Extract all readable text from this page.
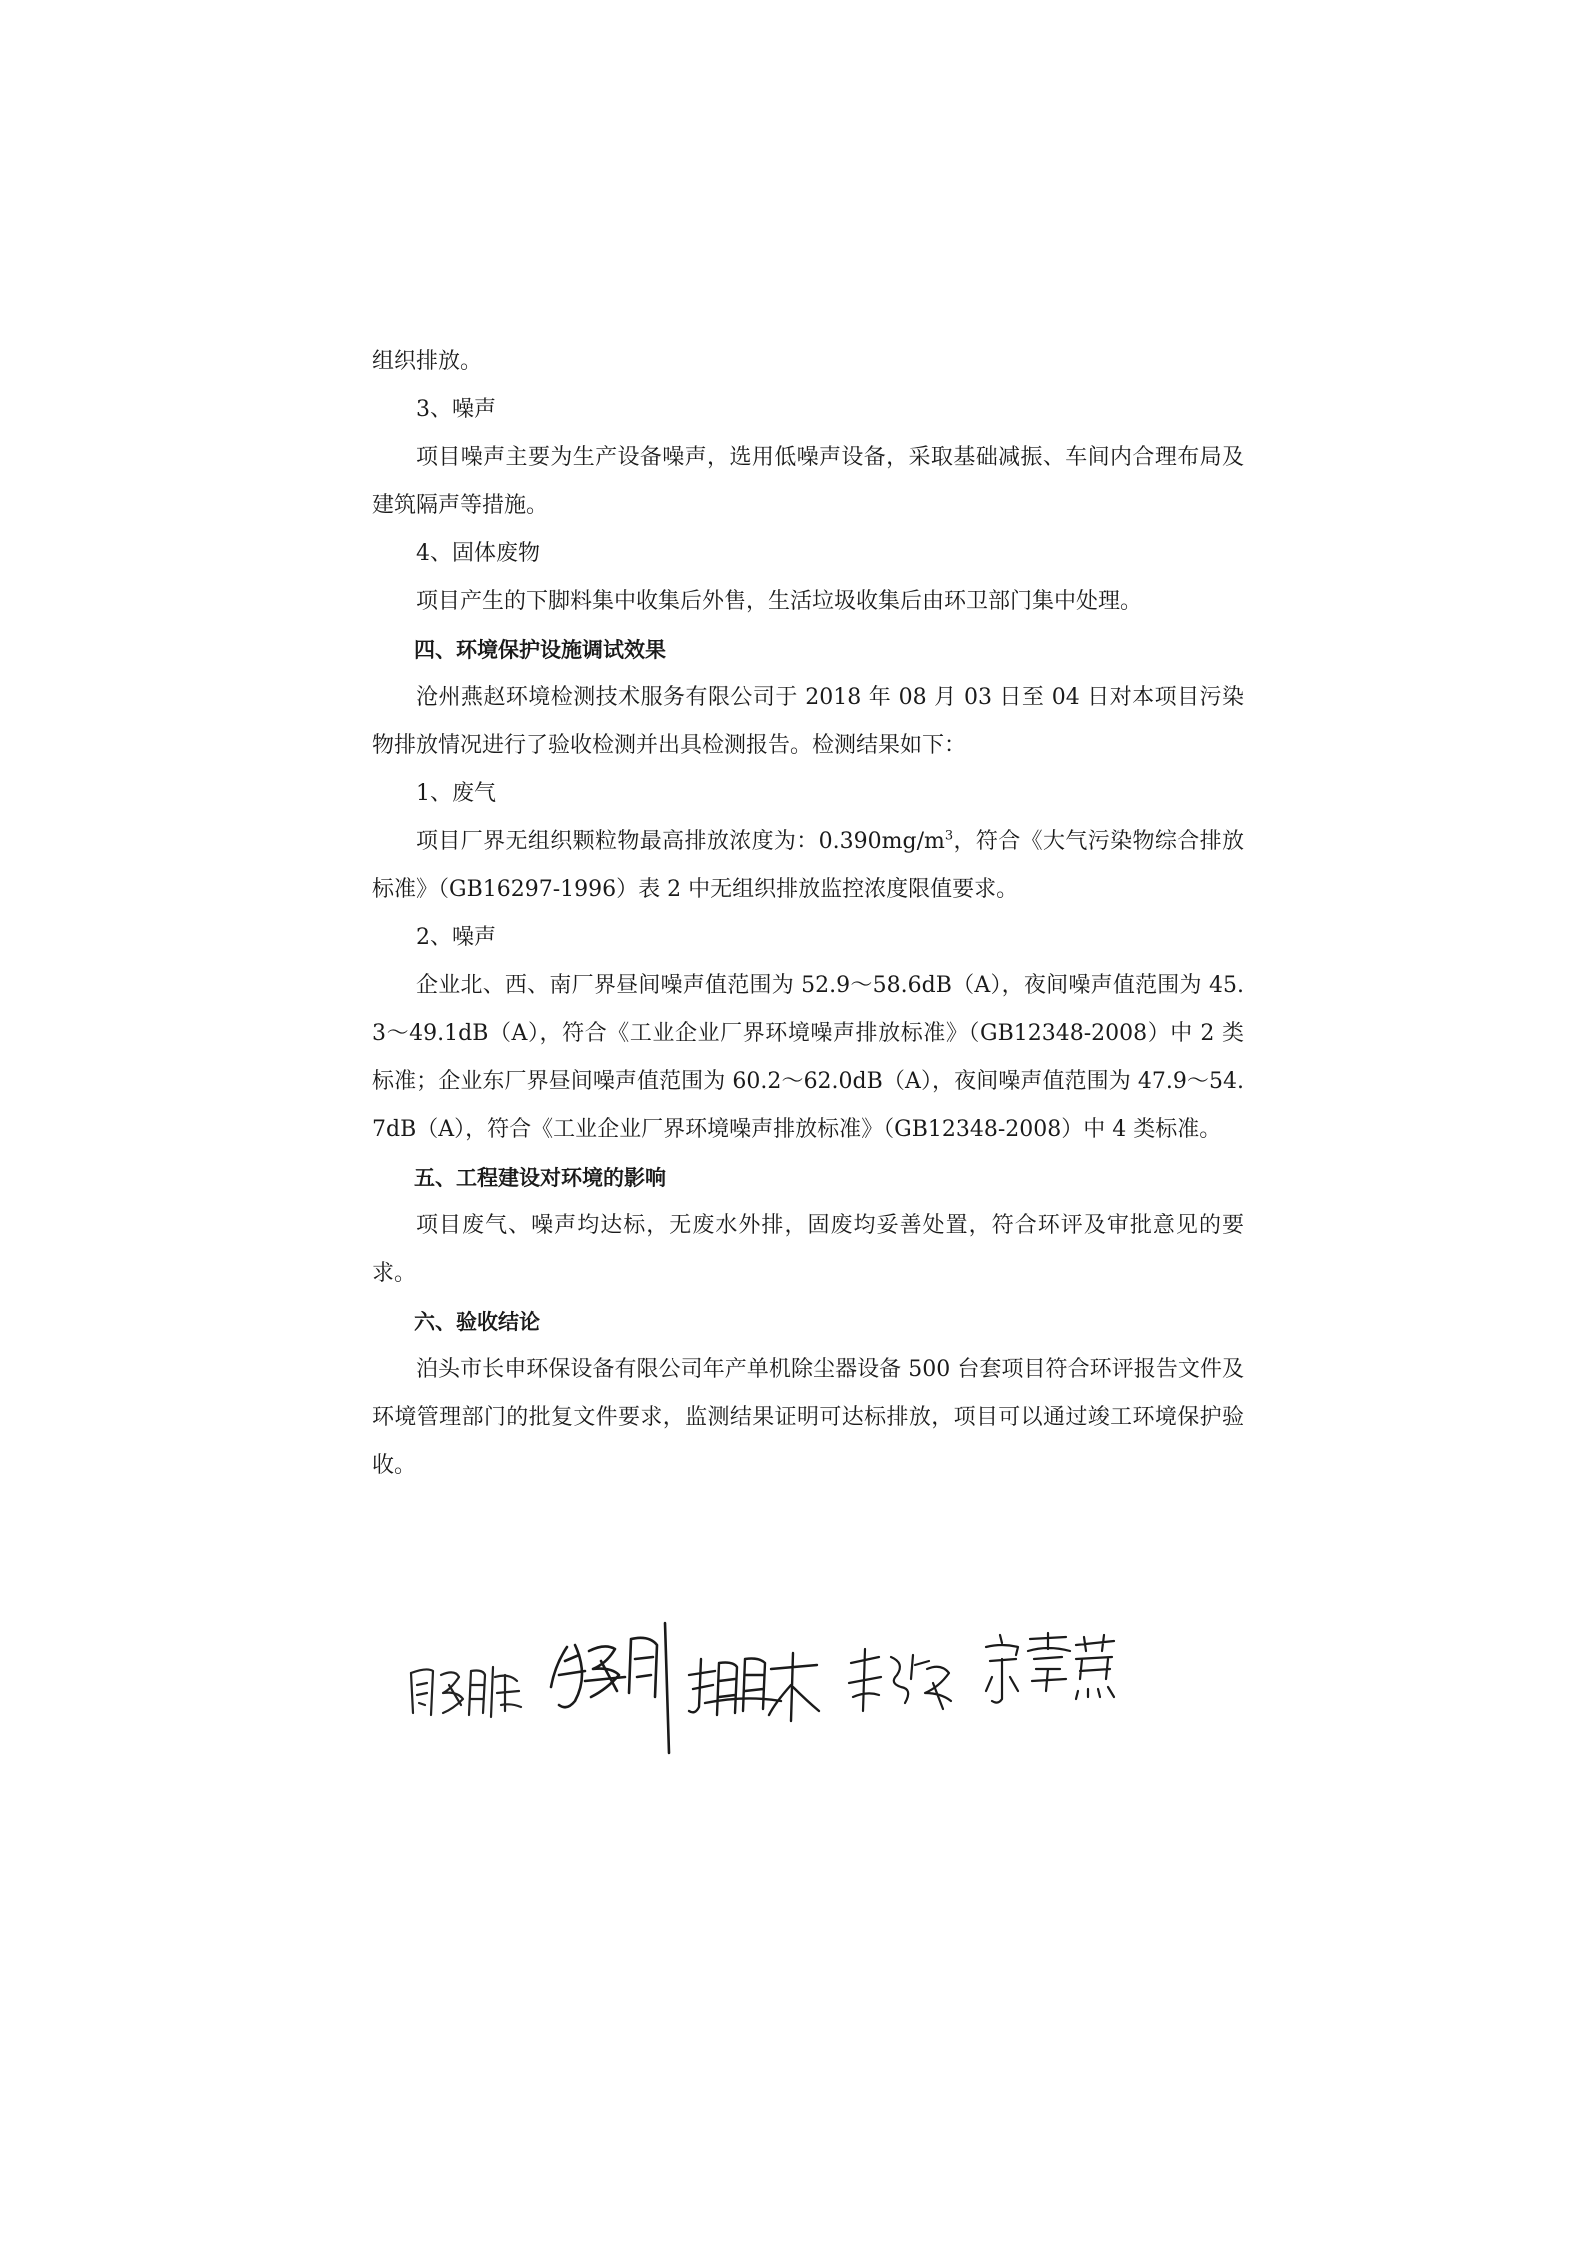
组织排放。

3、噪声

项目噪声主要为生产设备噪声，选用低噪声设备，采取基础减振、车间内合理布局及建筑隔声等措施。

4、固体废物

项目产生的下脚料集中收集后外售，生活垃圾收集后由环卫部门集中处理。

四、环境保护设施调试效果

沧州燕赵环境检测技术服务有限公司于 2018 年 08 月 03 日至 04 日对本项目污染物排放情况进行了验收检测并出具检测报告。检测结果如下：

1、废气

项目厂界无组织颗粒物最高排放浓度为：$0.390mg/m^3$，符合《大气污染物综合排放标准》（GB16297-1996）表 2 中无组织排放监控浓度限值要求。

2、噪声

企业北、西、南厂界昼间噪声值范围为 52.9～58.6dB（A），夜间噪声值范围为 45.3～49.1dB（A），符合《工业企业厂界环境噪声排放标准》（GB12348-2008）中 2 类标准；企业东厂界昼间噪声值范围为 60.2～62.0dB（A），夜间噪声值范围为 47.9～54.7dB（A），符合《工业企业厂界环境噪声排放标准》（GB12348-2008）中 4 类标准。

五、工程建设对环境的影响

项目废气、噪声均达标，无废水外排，固废均妥善处置，符合环评及审批意见的要求。

六、验收结论

泊头市长申环保设备有限公司年产单机除尘器设备 500 台套项目符合环评报告文件及环境管理部门的批复文件要求，监测结果证明可达标排放，项目可以通过竣工环境保护验收。
